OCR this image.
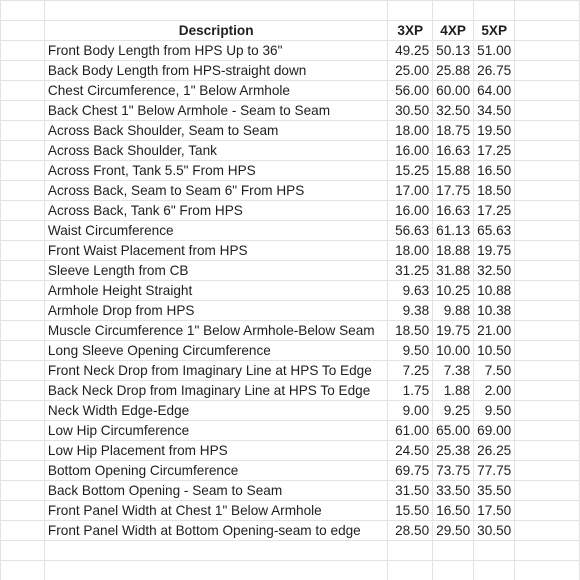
	Description	3XP	4XP	5XP	
	Front Body Length from HPS Up to 36"	49.25	50.13	51.00	
	Back Body Length from HPS-straight down	25.00	25.88	26.75	
	Chest Circumference, 1" Below Armhole	56.00	60.00	64.00	
	Back Chest 1" Below Armhole - Seam to Seam	30.50	32.50	34.50	
	Across Back Shoulder, Seam to Seam	18.00	18.75	19.50	
	Across Back Shoulder, Tank	16.00	16.63	17.25	
	Across Front, Tank 5.5" From HPS	15.25	15.88	16.50	
	Across Back, Seam to Seam 6" From HPS	17.00	17.75	18.50	
	Across Back, Tank 6" From HPS	16.00	16.63	17.25	
	Waist Circumference	56.63	61.13	65.63	
	Front Waist Placement from HPS	18.00	18.88	19.75	
	Sleeve Length from CB	31.25	31.88	32.50	
	Armhole Height Straight	9.63	10.25	10.88	
	Armhole Drop from HPS	9.38	9.88	10.38	
	Muscle Circumference 1" Below Armhole-Below Seam	18.50	19.75	21.00	
	Long Sleeve Opening Circumference	9.50	10.00	10.50	
	Front Neck Drop from Imaginary Line at HPS To Edge	7.25	7.38	7.50	
	Back Neck Drop from Imaginary Line at HPS To Edge	1.75	1.88	2.00	
	Neck Width Edge-Edge	9.00	9.25	9.50	
	Low Hip Circumference	61.00	65.00	69.00	
	Low Hip Placement from HPS	24.50	25.38	26.25	
	Bottom Opening Circumference	69.75	73.75	77.75	
	Back Bottom Opening - Seam to Seam	31.50	33.50	35.50	
	Front Panel Width at Chest 1" Below Armhole	15.50	16.50	17.50	
	Front Panel Width at Bottom Opening-seam to edge	28.50	29.50	30.50	
